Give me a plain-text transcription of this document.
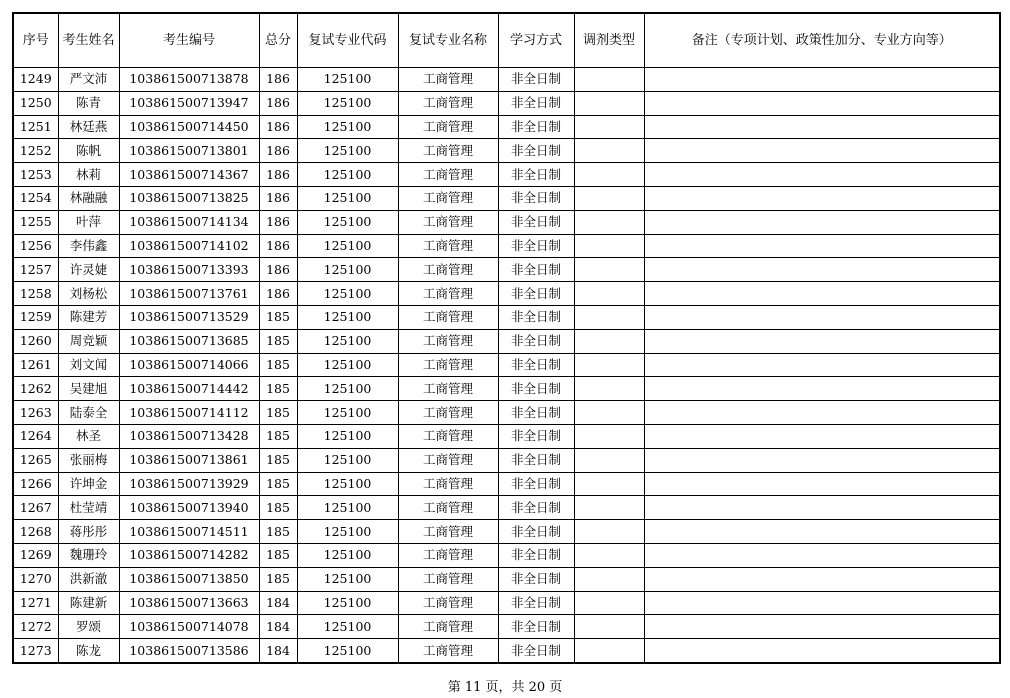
序号	考生姓名	考生编号	总分	复试专业代码	复试专业名称	学习方式	调剂类型	备注（专项计划、政策性加分、专业方向等）
1249	严文沛	103861500713878	186	125100	工商管理	非全日制		
1250	陈青	103861500713947	186	125100	工商管理	非全日制		
1251	林廷燕	103861500714450	186	125100	工商管理	非全日制		
1252	陈帆	103861500713801	186	125100	工商管理	非全日制		
1253	林莉	103861500714367	186	125100	工商管理	非全日制		
1254	林融融	103861500713825	186	125100	工商管理	非全日制		
1255	叶萍	103861500714134	186	125100	工商管理	非全日制		
1256	李伟鑫	103861500714102	186	125100	工商管理	非全日制		
1257	许灵婕	103861500713393	186	125100	工商管理	非全日制		
1258	刘杨松	103861500713761	186	125100	工商管理	非全日制		
1259	陈建芳	103861500713529	185	125100	工商管理	非全日制		
1260	周竞颖	103861500713685	185	125100	工商管理	非全日制		
1261	刘文闻	103861500714066	185	125100	工商管理	非全日制		
1262	吴建旭	103861500714442	185	125100	工商管理	非全日制		
1263	陆泰全	103861500714112	185	125100	工商管理	非全日制		
1264	林圣	103861500713428	185	125100	工商管理	非全日制		
1265	张丽梅	103861500713861	185	125100	工商管理	非全日制		
1266	许坤金	103861500713929	185	125100	工商管理	非全日制		
1267	杜莹靖	103861500713940	185	125100	工商管理	非全日制		
1268	蒋彤彤	103861500714511	185	125100	工商管理	非全日制		
1269	魏珊玲	103861500714282	185	125100	工商管理	非全日制		
1270	洪新澈	103861500713850	185	125100	工商管理	非全日制		
1271	陈建新	103861500713663	184	125100	工商管理	非全日制		
1272	罗颂	103861500714078	184	125100	工商管理	非全日制		
1273	陈龙	103861500713586	184	125100	工商管理	非全日制		
第 11 页，共 20 页
